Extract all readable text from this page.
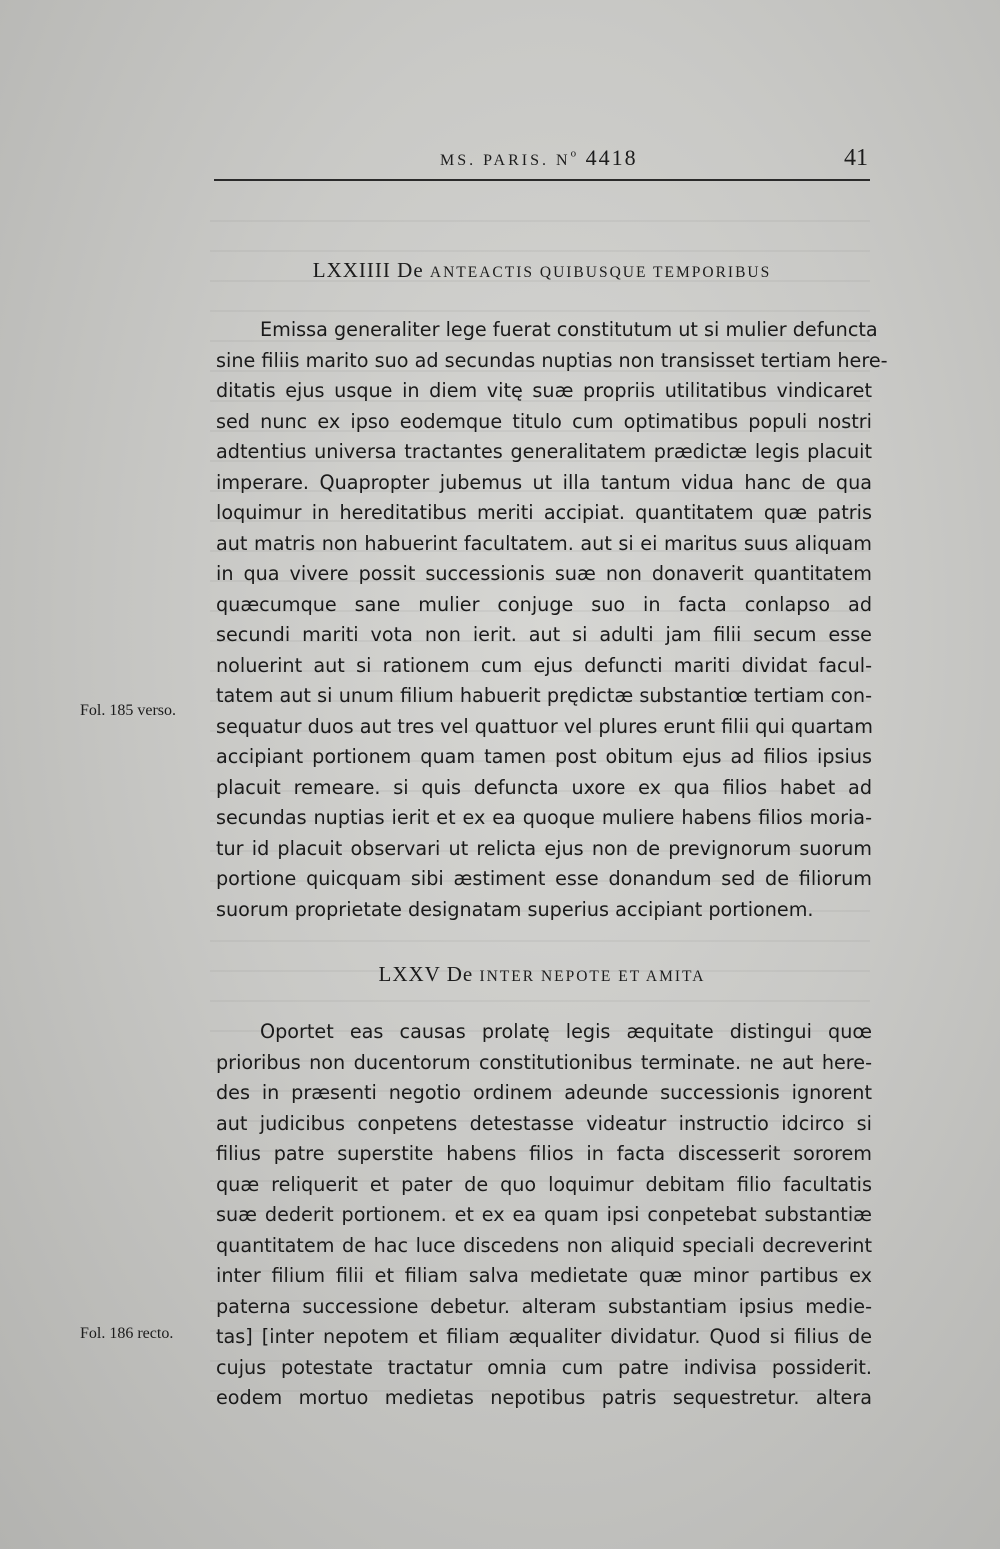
MS. PARIS. $N^o$ 4418	41
LXXIIII De ANTЕACTIS QUIBUSQUE TEMPORIBUS
Emissa generaliter lege fuerat constitutum ut si mulier defuncta
sine filiis marito suo ad secundas nuptias non transisset tertiam here-
ditatis ejus usque in diem vitę suæ propriis utilitatibus vindicaret
sed nunc ex ipso eodemque titulo cum optimatibus populi nostri
adtentius universa tractantes generalitatem prædictæ legis placuit
imperare. Quapropter jubemus ut illa tantum vidua hanc de qua
loquimur in hereditatibus meriti accipiat. quantitatem quæ patris
aut matris non habuerint facultatem. aut si ei maritus suus aliquam
in qua vivere possit successionis suæ non donaverit quantitatem
quæcumque sane mulier conjuge suo in facta conlapso ad
secundi mariti vota non ierit. aut si adulti jam filii secum esse
noluerint aut si rationem cum ejus defuncti mariti dividat facul-
tatem aut si unum filium habuerit prędictæ substantiœ tertiam con-
sequatur duos aut tres vel quattuor vel plures erunt filii qui quartam
accipiant portionem quam tamen post obitum ejus ad filios ipsius
placuit remeare. si quis defuncta uxore ex qua filios habet ad
secundas nuptias ierit et ex ea quoque muliere habens filios moria-
tur id placuit observari ut relicta ejus non de prevignorum suorum
portione quicquam sibi æstiment esse donandum sed de filiorum
suorum proprietate designatam superius accipiant portionem.
LXXV De INTER NEPOTE ET AMITA
Oportet eas causas prolatę legis æquitate distingui quœ
prioribus non ducentorum constitutionibus terminate. ne aut here-
des in præsenti negotio ordinem adeunde successionis ignorent
aut judicibus conpetens detestasse videatur instructio idcirco si
filius patre superstite habens filios in facta discesserit sororem
quæ reliquerit et pater de quo loquimur debitam filio facultatis
suæ dederit portionem. et ex ea quam ipsi conpetebat substantiæ
quantitatem de hac luce discedens non aliquid speciali decreverint
inter filium filii et filiam salva medietate quæ minor partibus ex
paterna successione debetur. alteram substantiam ipsius medie-
tas] [inter nepotem et filiam æqualiter dividatur. Quod si filius de
cujus potestate tractatur omnia cum patre indivisa possiderit.
eodem mortuo medietas nepotibus patris sequestretur. altera
Fol. 185 verso.
Fol. 186 recto.
